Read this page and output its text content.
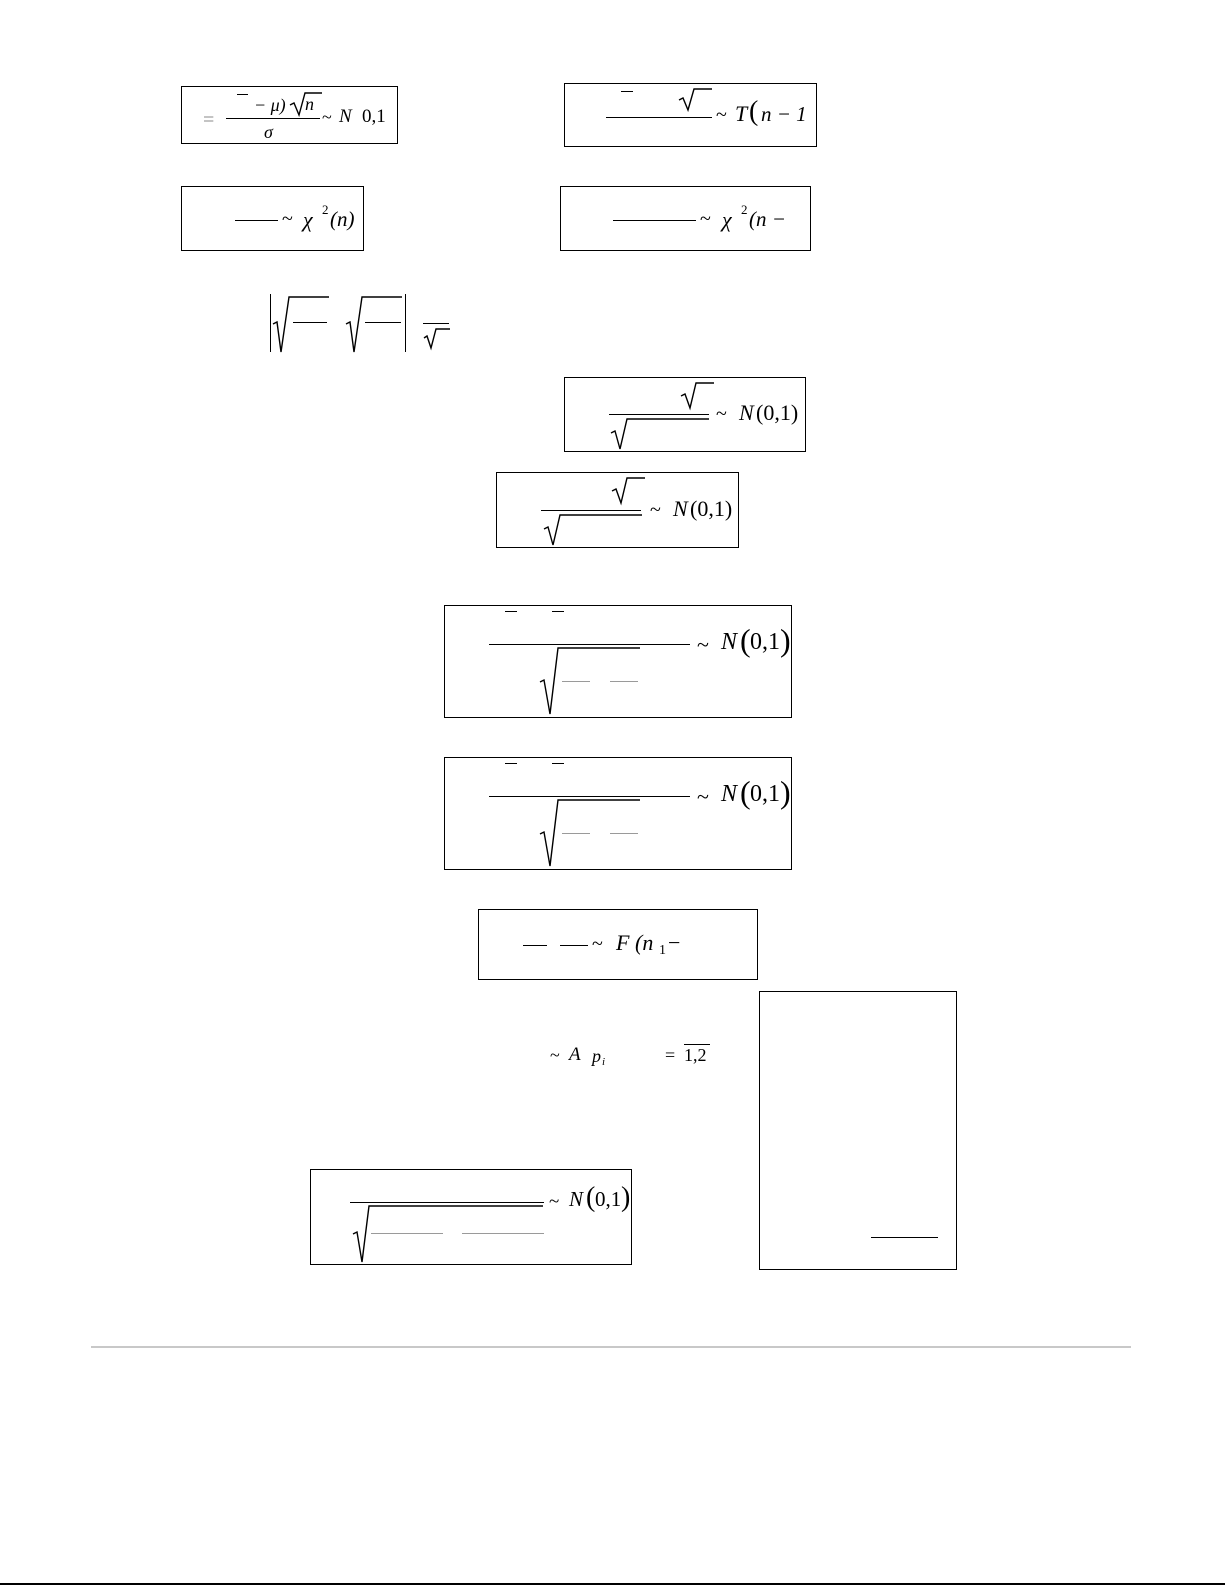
=
− μ) n
σ
~ N 0,1	~ T ( n − 1
~ χ 2 (n)	~ χ 2 (n −
~ N (0,1)
~ N (0,1)
~ N ( 0,1 )
~ N ( 0,1 )
~ F (n 1 −
~ A p i	= 1,2
~ N ( 0,1 )
